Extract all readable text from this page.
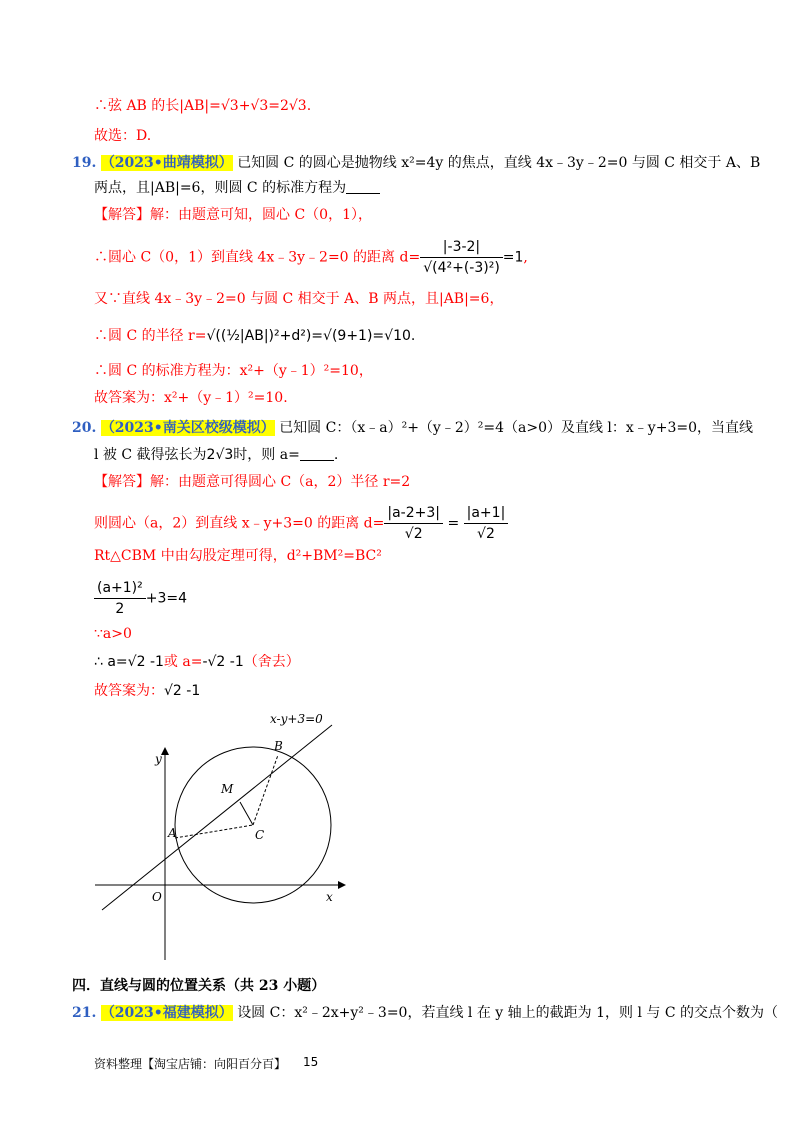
∴弦 AB 的长|AB|=√3+√3=2√3.
故选：D.
19. （2023•曲靖模拟） 已知圆 C 的圆心是抛物线 x²=4y 的焦点，直线 4x﹣3y﹣2=0 与圆 C 相交于 A、B
两点，且|AB|=6，则圆 C 的标准方程为
【解答】解：由题意可知，圆心 C（0，1），
∴圆心 C（0，1）到直线 4x﹣3y﹣2=0 的距离 $d= \frac{|-3-2|}{\text{√(4²+(-3)²)}} =1$,
又∵直线 4x﹣3y﹣2=0 与圆 C 相交于 A、B 两点，且|AB|=6，
∴圆 C 的半径 r=√((½|AB|)²+d²)=√(9+1)=√10.
∴圆 C 的标准方程为：x²+（y﹣1）²=10，
故答案为：x²+（y﹣1）²=10.
20. （2023•南关区校级模拟） 已知圆 C：（x﹣a）²+（y﹣2）²=4（a>0）及直线 l：x﹣y+3=0，当直线
l 被 C 截得弦长为2√3时，则 a= .
【解答】解：由题意可得圆心 C（a，2）半径 r=2
则圆心（a，2）到直线 x﹣y+3=0 的距离 $d= \frac{|a-2+3|}{√2} = \frac{|a+1|}{√2}$
Rt△CBM 中由勾股定理可得，d²+BM²=BC²
$\frac{\text{(a+1)²}}{2} +3=4$
∵a>0
∴ a=√2 -1或 a=-√2 -1（舍去）
故答案为：√2 -1
x-y+3=0
y
x
O
A
B
C
M
四．直线与圆的位置关系（共 23 小题）
21. （2023•福建模拟） 设圆 C：x²﹣2x+y²﹣3=0，若直线 l 在 y 轴上的截距为 1，则 l 与 C 的交点个数为（
资料整理【淘宝店铺：向阳百分百】 15
